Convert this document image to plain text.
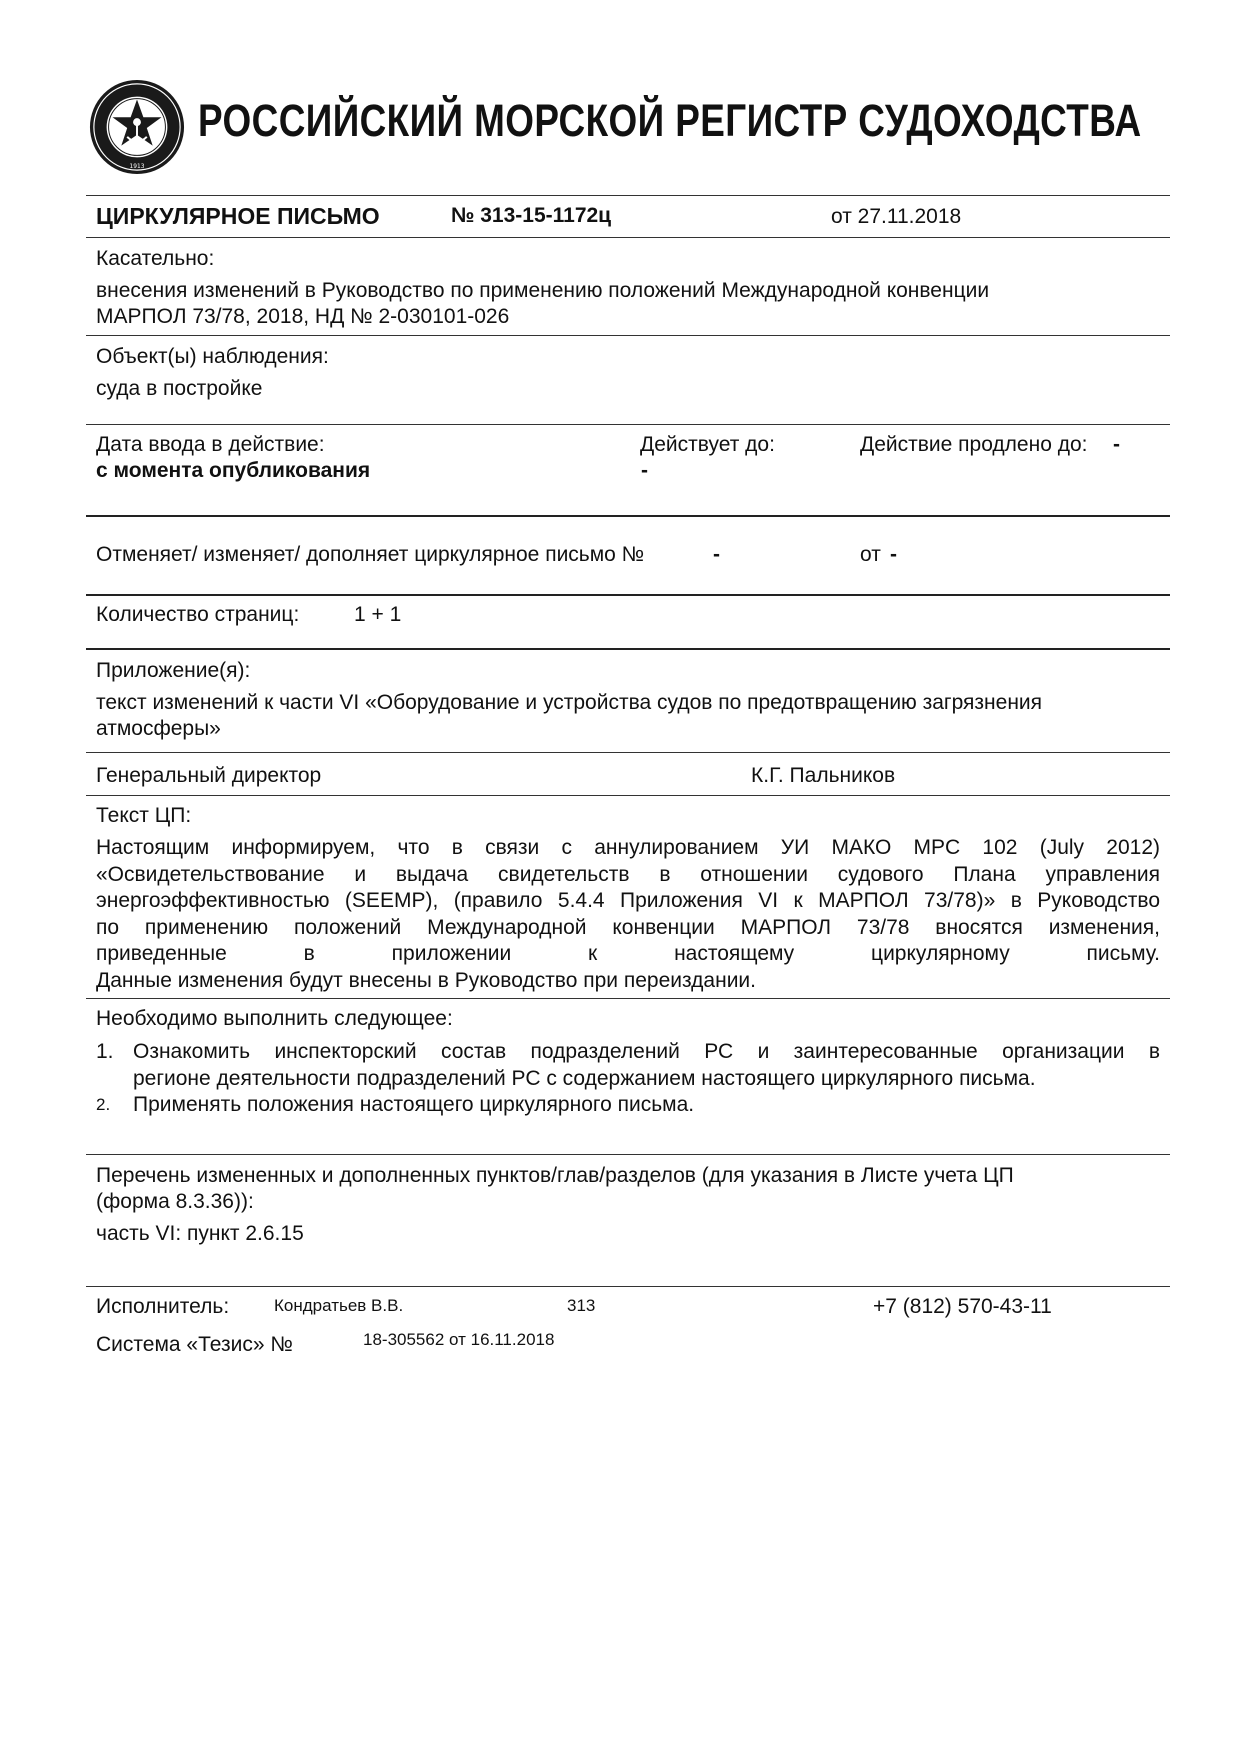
1913
РОССИЙСКИЙ МОРСКОЙ РЕГИСТР СУДОХОДСТВА
ЦИРКУЛЯРНОЕ ПИСЬМО	№ 313-15-1172ц	от 27.11.2018
Касательно:
внесения изменений в Руководство по применению положений Международной конвенции
МАРПОЛ 73/78, 2018, НД № 2-030101-026
Объект(ы) наблюдения:
суда в постройке
Дата ввода в действие:
с момента опубликования
Действует до:
-
Действие продлено до: -
Отменяет/ изменяет/ дополняет циркулярное письмо №	-	от -
Количество страниц:	1 + 1
Приложение(я):
текст изменений к части VI «Оборудование и устройства судов по предотвращению загрязнения
атмосферы»
Генеральный директор	К.Г. Пальников
Текст ЦП:
Настоящим информируем, что в связи с аннулированием УИ МАКО MPC 102 (July 2012)
«Освидетельствование и выдача свидетельств в отношении судового Плана управления
энергоэффективностью (SEEMP), (правило 5.4.4 Приложения VI к МАРПОЛ 73/78)» в Руководство
по применению положений Международной конвенции МАРПОЛ 73/78 вносятся изменения,
приведенные в приложении к настоящему циркулярному письму.
Данные изменения будут внесены в Руководство при переиздании.
Необходимо выполнить следующее:
1. Ознакомить инспекторский состав подразделений РС и заинтересованные организации в
регионе деятельности подразделений РС с содержанием настоящего циркулярного письма.
2. Применять положения настоящего циркулярного письма.
Перечень измененных и дополненных пунктов/глав/разделов (для указания в Листе учета ЦП
(форма 8.3.36)):
часть VI: пункт 2.6.15
Исполнитель:	Кондратьев В.В.	313	+7 (812) 570-43-11
Система «Тезис» №	18-305562 от 16.11.2018
